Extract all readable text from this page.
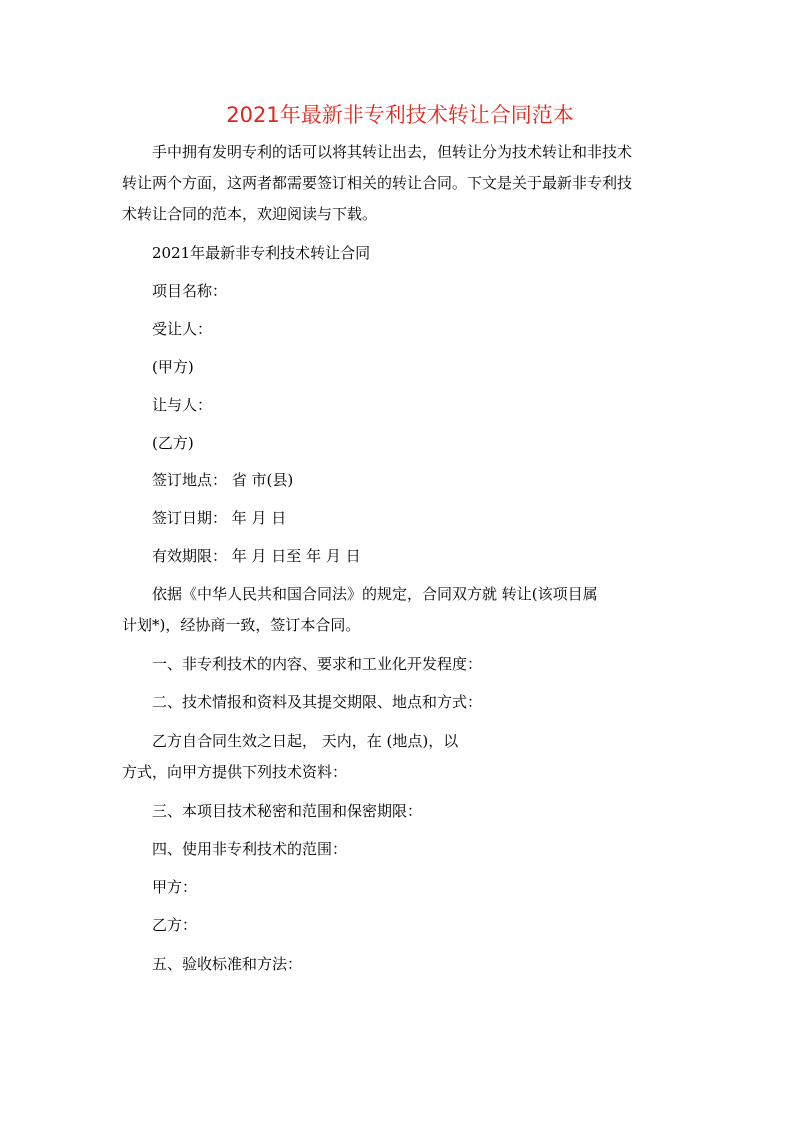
2021年最新非专利技术转让合同范本

手中拥有发明专利的话可以将其转让出去，但转让分为技术转让和非技术

转让两个方面，这两者都需要签订相关的转让合同。下文是关于最新非专利技

术转让合同的范本，欢迎阅读与下载。

2021年最新非专利技术转让合同

项目名称：

受让人：

(甲方)

让与人：

(乙方)

签订地点： 省 市(县)

签订日期： 年 月 日

有效期限： 年 月 日至 年 月 日

依据《中华人民共和国合同法》的规定，合同双方就 转让(该项目属

计划*)，经协商一致，签订本合同。

一、非专利技术的内容、要求和工业化开发程度：

二、技术情报和资料及其提交期限、地点和方式：

乙方自合同生效之日起， 天内，在 (地点)，以

方式，向甲方提供下列技术资料：

三、本项目技术秘密和范围和保密期限：

四、使用非专利技术的范围：

甲方：

乙方：

五、验收标准和方法：
